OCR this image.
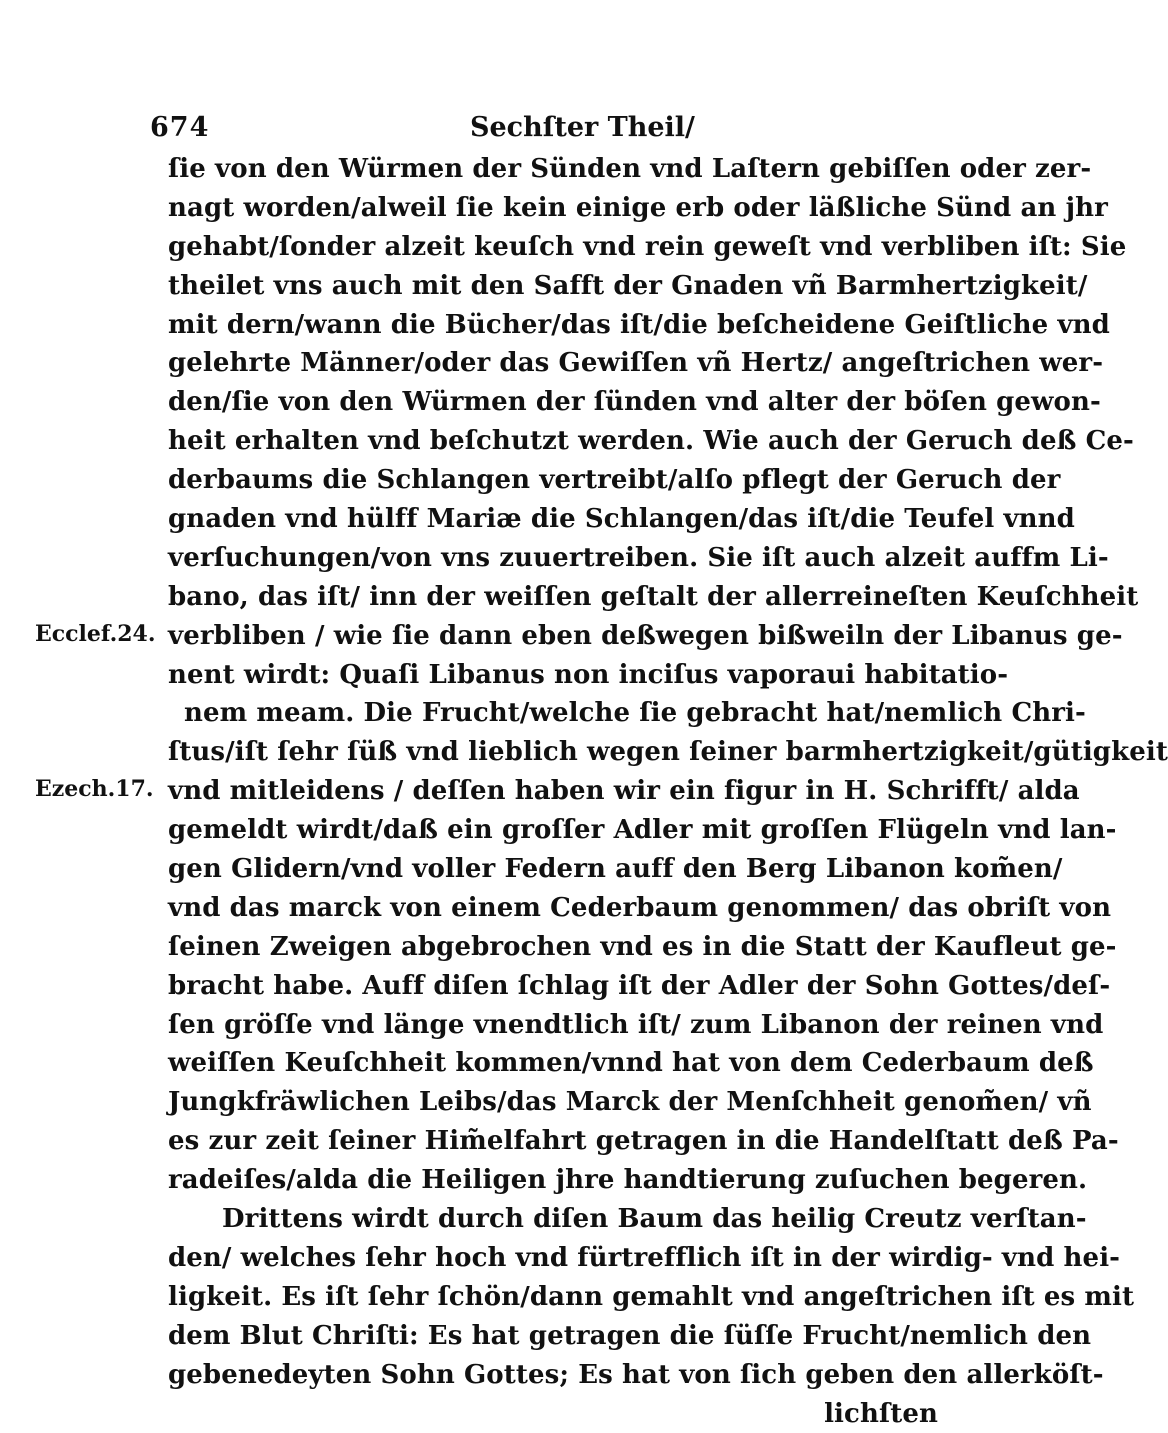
674	Sechſter Theil/
Ecclef.24.
Ezech.17.
ſie von den Würmen der Sünden vnd Laſtern gebiſſen oder zer-
nagt worden/alweil ſie kein einige erb oder läßliche Sünd an jhr
gehabt/ſonder alzeit keuſch vnd rein geweſt vnd verbliben iſt: Sie
theilet vns auch mit den Safft der Gnaden vñ Barmhertzigkeit/
mit dern/wann die Bücher/das iſt/die beſcheidene Geiſtliche vnd
gelehrte Männer/oder das Gewiſſen vñ Hertz/ angeſtrichen wer-
den/ſie von den Würmen der ſünden vnd alter der böſen gewon-
heit erhalten vnd beſchutzt werden. Wie auch der Geruch deß Ce-
derbaums die Schlangen vertreibt/alſo pflegt der Geruch der
gnaden vnd hülff Mariæ die Schlangen/das iſt/die Teufel vnnd
verſuchungen/von vns zuuertreiben. Sie iſt auch alzeit auffm Li-
bano, das iſt/ inn der weiſſen geſtalt der allerreineſten Keuſchheit
verbliben / wie ſie dann eben deßwegen bißweiln der Libanus ge-
nent wirdt: Quaſi Libanus non inciſus vaporaui habitatio-
nem meam. Die Frucht/welche ſie gebracht hat/nemlich Chri-
ſtus/iſt ſehr ſüß vnd lieblich wegen ſeiner barmhertzigkeit/gütigkeit
vnd mitleidens / deſſen haben wir ein figur in H. Schrifft/ alda
gemeldt wirdt/daß ein groſſer Adler mit groſſen Flügeln vnd lan-
gen Glidern/vnd voller Federn auff den Berg Libanon kom̃en/
vnd das marck von einem Cederbaum genommen/ das obriſt von
ſeinen Zweigen abgebrochen vnd es in die Statt der Kaufleut ge-
bracht habe. Auff diſen ſchlag iſt der Adler der Sohn Gottes/deſ-
ſen gröſſe vnd länge vnendtlich iſt/ zum Libanon der reinen vnd
weiſſen Keuſchheit kommen/vnnd hat von dem Cederbaum deß
Jungkfräwlichen Leibs/das Marck der Menſchheit genom̃en/ vñ
es zur zeit ſeiner Him̃elfahrt getragen in die Handelſtatt deß Pa-
radeiſes/alda die Heiligen jhre handtierung zuſuchen begeren.
Drittens wirdt durch diſen Baum das heilig Creutz verſtan-
den/ welches ſehr hoch vnd fürtrefflich iſt in der wirdig- vnd hei-
ligkeit. Es iſt ſehr ſchön/dann gemahlt vnd angeſtrichen iſt es mit
dem Blut Chriſti: Es hat getragen die ſüſſe Frucht/nemlich den
gebenedeyten Sohn Gottes; Es hat von ſich geben den allerköſt-
lichſten
